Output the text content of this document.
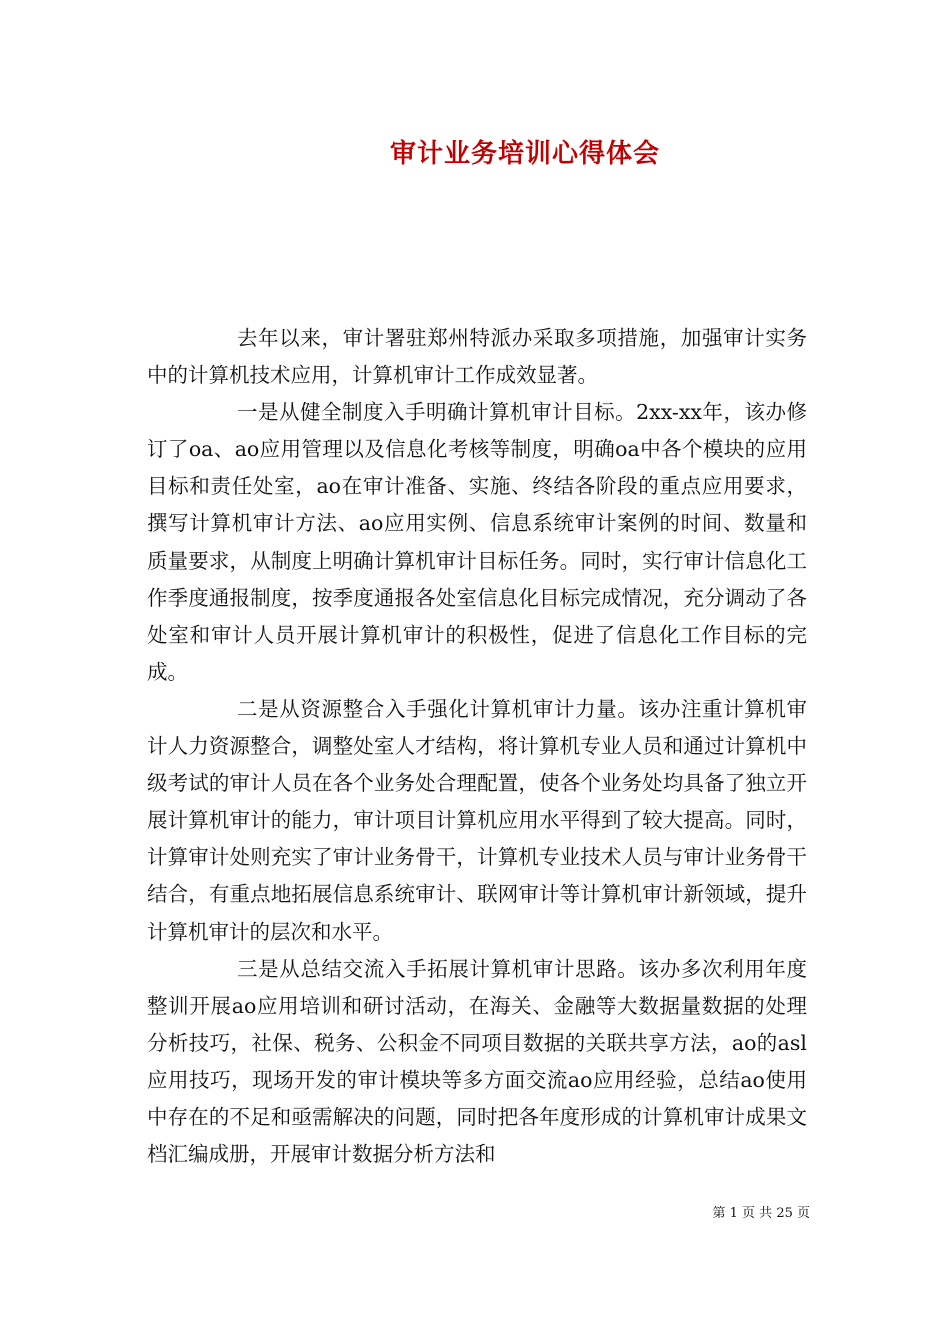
审计业务培训心得体会

去年以来，审计署驻郑州特派办采取多项措施，加强审计实务中的计算机技术应用，计算机审计工作成效显著。

一是从健全制度入手明确计算机审计目标。2xx-xx年，该办修订了oa、ao应用管理以及信息化考核等制度，明确oa中各个模块的应用目标和责任处室，ao在审计准备、实施、终结各阶段的重点应用要求，撰写计算机审计方法、ao应用实例、信息系统审计案例的时间、数量和质量要求，从制度上明确计算机审计目标任务。同时，实行审计信息化工作季度通报制度，按季度通报各处室信息化目标完成情况，充分调动了各处室和审计人员开展计算机审计的积极性，促进了信息化工作目标的完成。

二是从资源整合入手强化计算机审计力量。该办注重计算机审计人力资源整合，调整处室人才结构，将计算机专业人员和通过计算机中级考试的审计人员在各个业务处合理配置，使各个业务处均具备了独立开展计算机审计的能力，审计项目计算机应用水平得到了较大提高。同时，计算审计处则充实了审计业务骨干，计算机专业技术人员与审计业务骨干结合，有重点地拓展信息系统审计、联网审计等计算机审计新领域，提升计算机审计的层次和水平。

三是从总结交流入手拓展计算机审计思路。该办多次利用年度整训开展ao应用培训和研讨活动，在海关、金融等大数据量数据的处理分析技巧，社保、税务、公积金不同项目数据的关联共享方法，ao的asl应用技巧，现场开发的审计模块等多方面交流ao应用经验，总结ao使用中存在的不足和亟需解决的问题，同时把各年度形成的计算机审计成果文档汇编成册，开展审计数据分析方法和

第 1 页 共 25 页
